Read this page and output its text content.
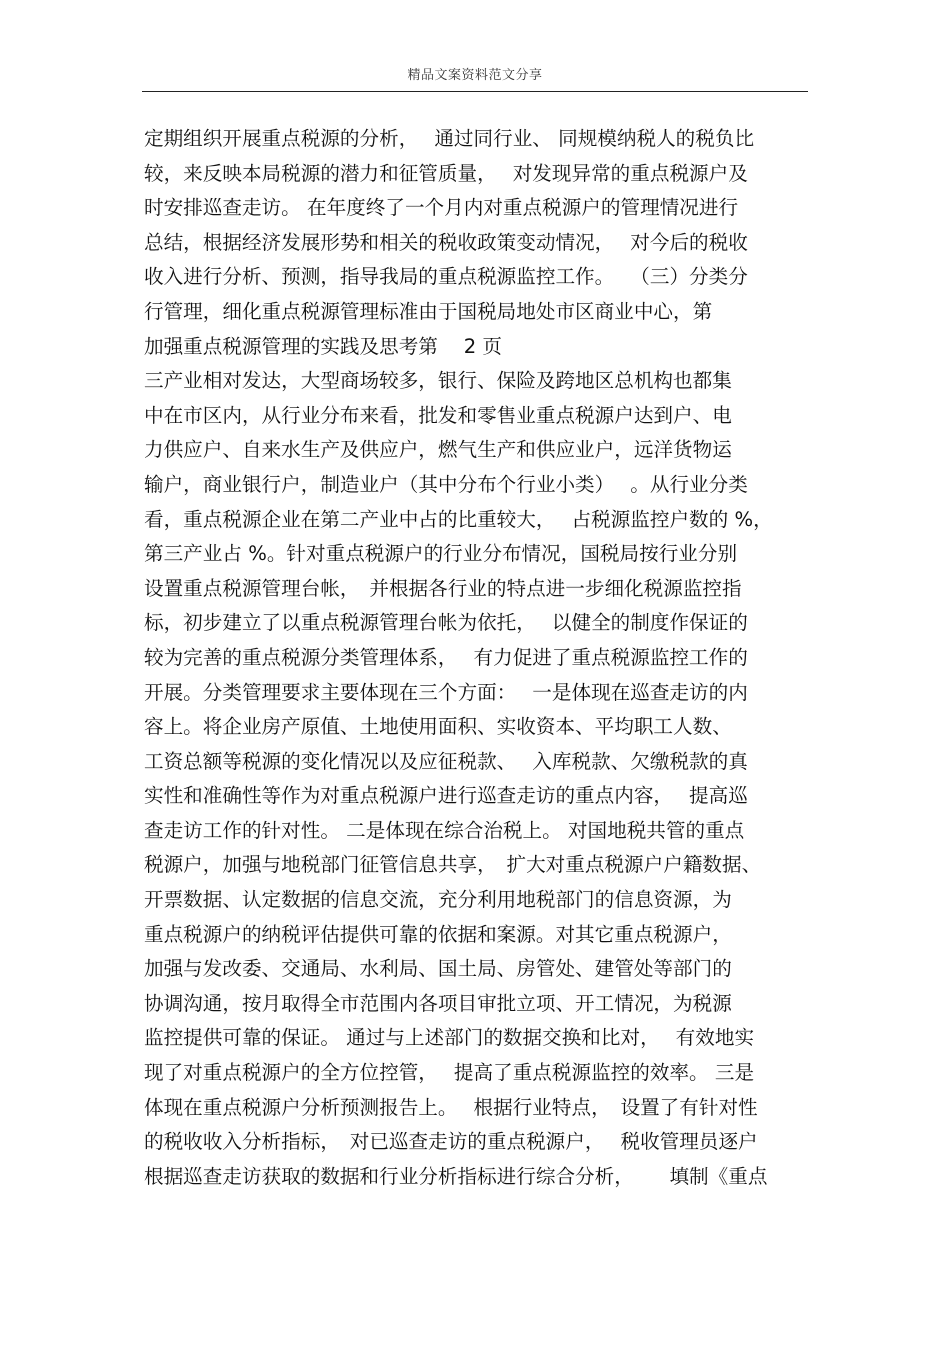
精品文案资料范文分享
定期组织开展重点税源的分析，　 通过同行业、 同规模纳税人的税负比
较，来反映本局税源的潜力和征管质量，　 对发现异常的重点税源户及
时安排巡查走访。 在年度终了一个月内对重点税源户的管理情况进行
总结，根据经济发展形势和相关的税收政策变动情况，　 对今后的税收
收入进行分析、预测，指导我局的重点税源监控工作。　 （三）分类分
行管理，细化重点税源管理标准由于国税局地处市区商业中心，第
加强重点税源管理的实践及思考第　 2 页
三产业相对发达，大型商场较多，银行、保险及跨地区总机构也都集
中在市区内，从行业分布来看，批发和零售业重点税源户达到户、电
力供应户、自来水生产及供应户，燃气生产和供应业户，远洋货物运
输户，商业银行户，制造业户（其中分布个行业小类）　 。从行业分类
看，重点税源企业在第二产业中占的比重较大，　 占税源监控户数的 %，
第三产业占 %。针对重点税源户的行业分布情况，国税局按行业分别
设置重点税源管理台帐，　并根据各行业的特点进一步细化税源监控指
标，初步建立了以重点税源管理台帐为依托，　 以健全的制度作保证的
较为完善的重点税源分类管理体系，　 有力促进了重点税源监控工作的
开展。分类管理要求主要体现在三个方面：　 一是体现在巡查走访的内
容上。将企业房产原值、土地使用面积、实收资本、平均职工人数、
工资总额等税源的变化情况以及应征税款、　 入库税款、欠缴税款的真
实性和准确性等作为对重点税源户进行巡查走访的重点内容，　 提高巡
查走访工作的针对性。 二是体现在综合治税上。 对国地税共管的重点
税源户，加强与地税部门征管信息共享，　扩大对重点税源户户籍数据、
开票数据、认定数据的信息交流，充分利用地税部门的信息资源，为
重点税源户的纳税评估提供可靠的依据和案源。对其它重点税源户，
加强与发改委、交通局、水利局、国土局、房管处、建管处等部门的
协调沟通，按月取得全市范围内各项目审批立项、开工情况，为税源
监控提供可靠的保证。 通过与上述部门的数据交换和比对，　 有效地实
现了对重点税源户的全方位控管，　 提高了重点税源监控的效率。 三是
体现在重点税源户分析预测报告上。　 根据行业特点，　设置了有针对性
的税收收入分析指标，　对已巡查走访的重点税源户，　 税收管理员逐户
根据巡查走访获取的数据和行业分析指标进行综合分析，　 　填制《重点
